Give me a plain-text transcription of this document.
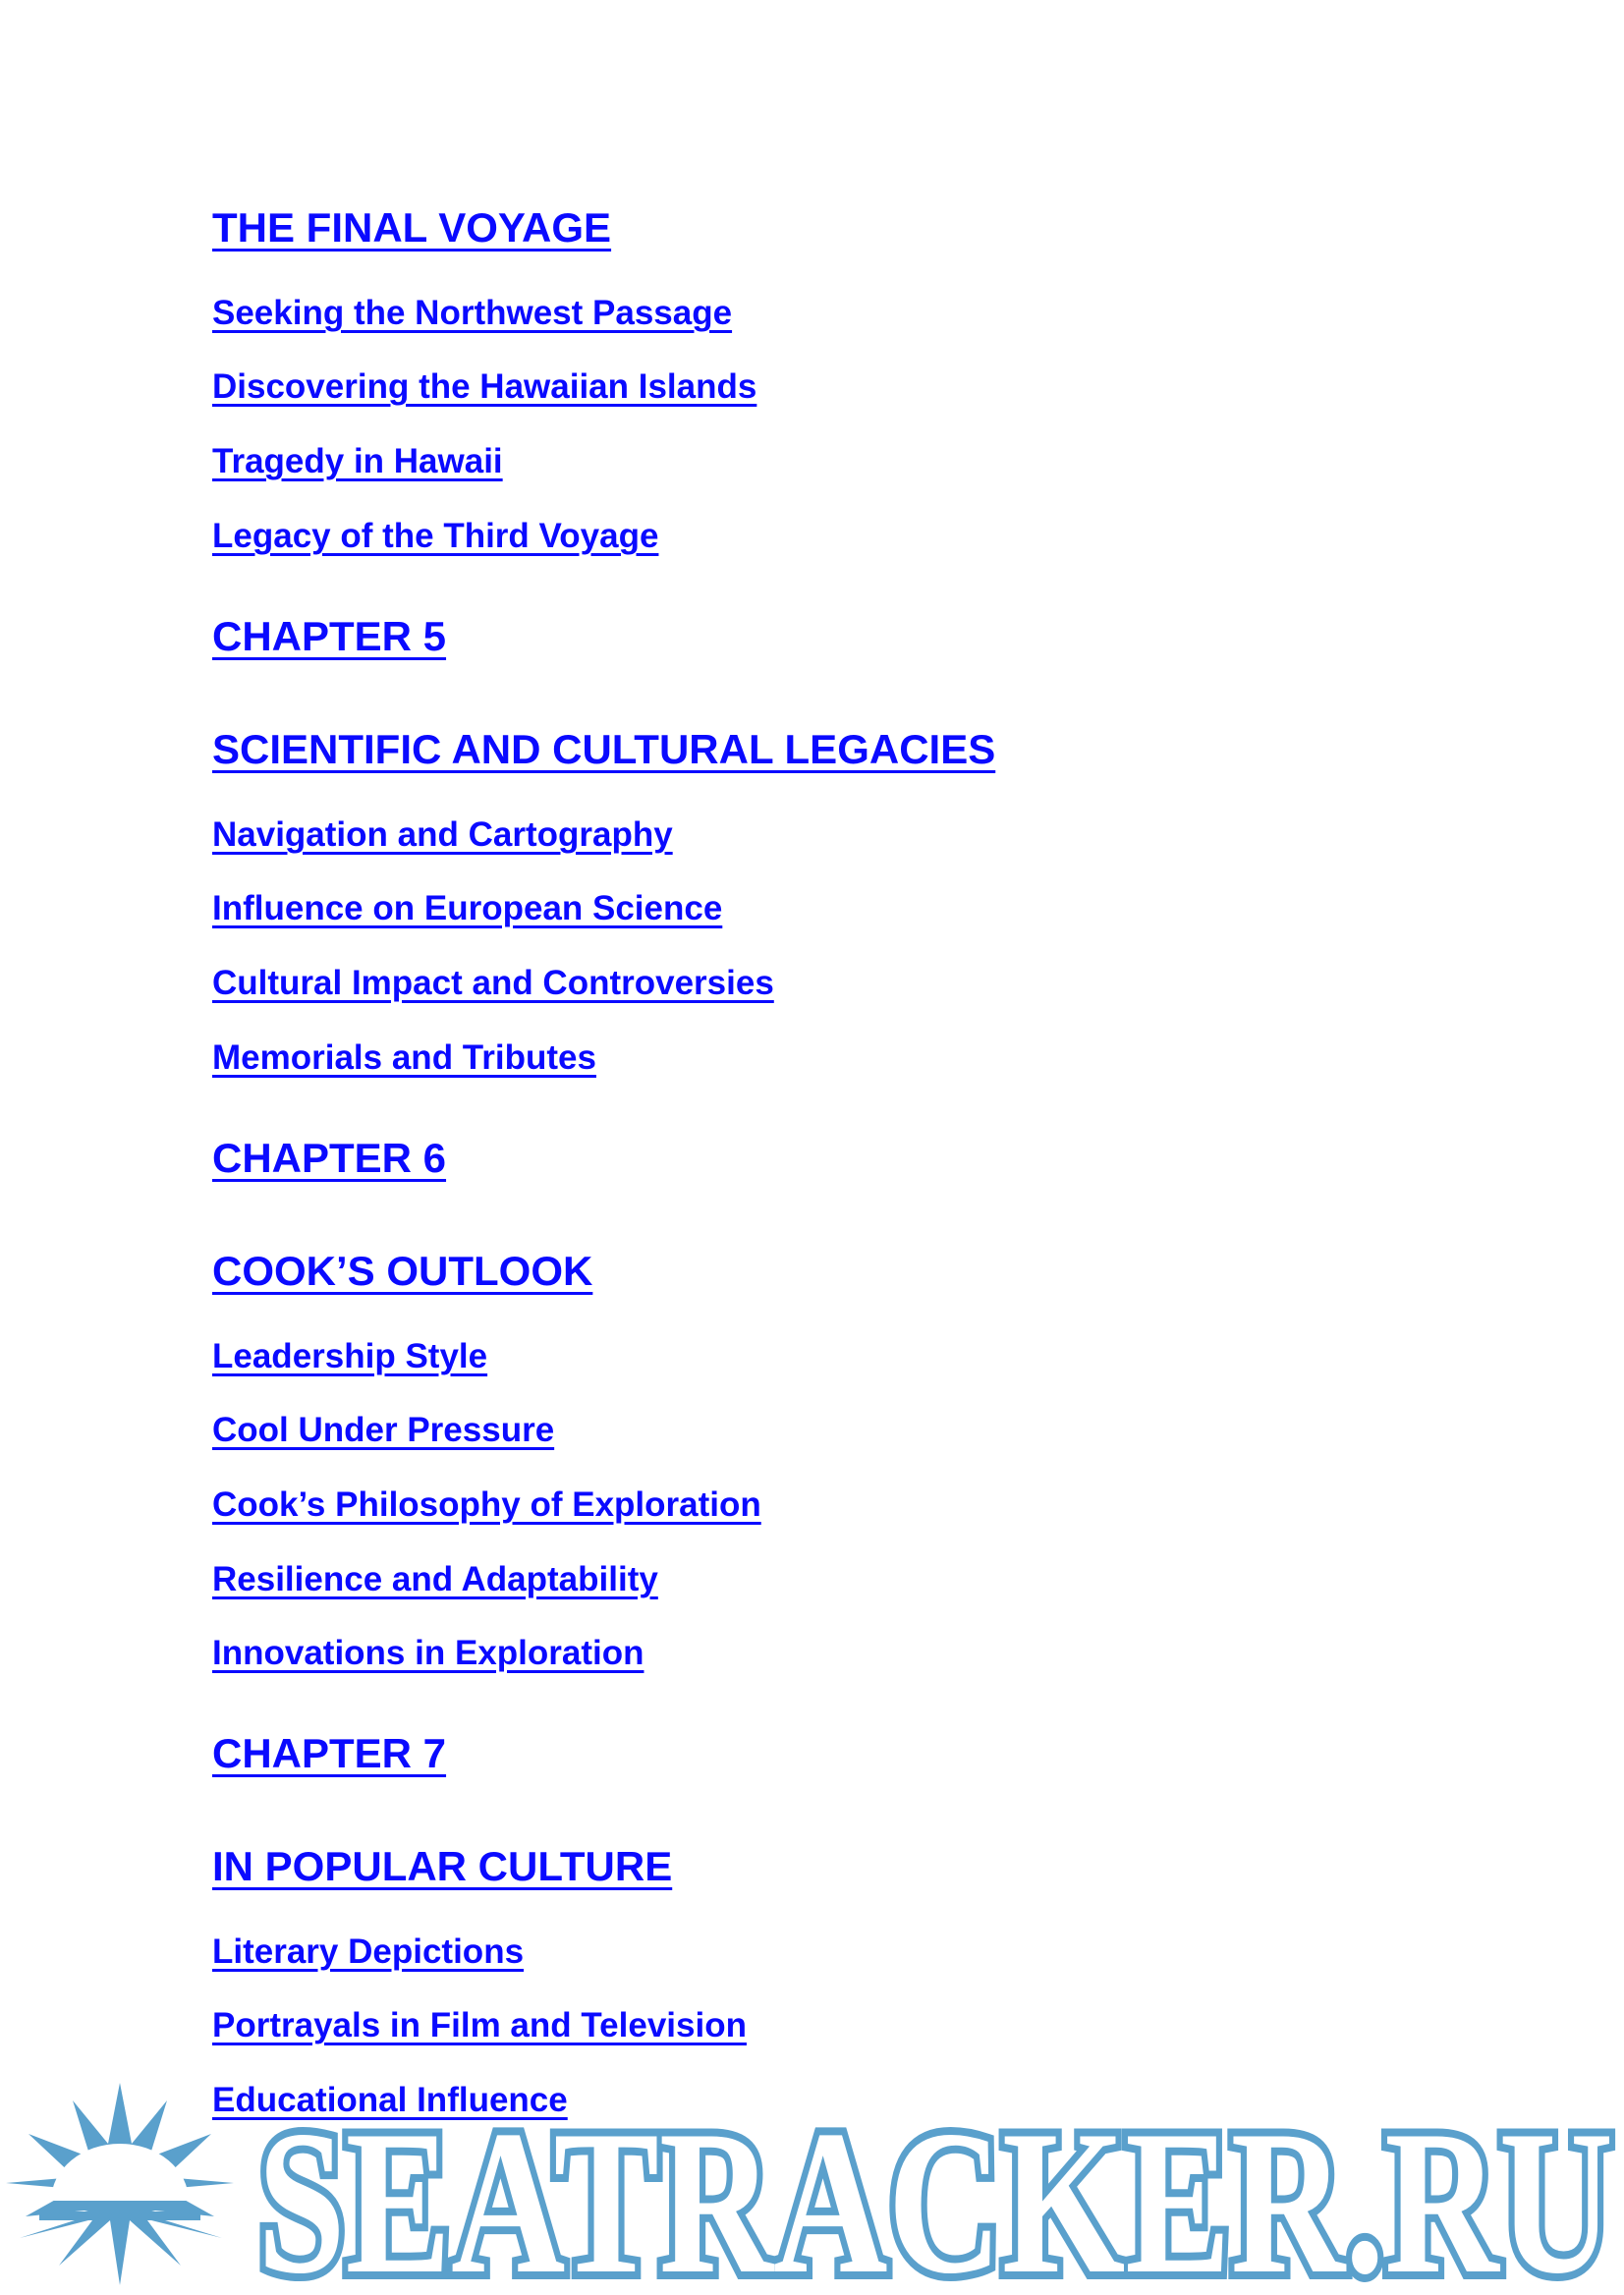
THE FINAL VOYAGE
Seeking the Northwest Passage
Discovering the Hawaiian Islands
Tragedy in Hawaii
Legacy of the Third Voyage
CHAPTER 5
SCIENTIFIC AND CULTURAL LEGACIES
Navigation and Cartography
Influence on European Science
Cultural Impact and Controversies
Memorials and Tributes
CHAPTER 6
COOK’S OUTLOOK
Leadership Style
Cool Under Pressure
Cook’s Philosophy of Exploration
Resilience and Adaptability
Innovations in Exploration
CHAPTER 7
IN POPULAR CULTURE
Literary Depictions
Portrayals in Film and Television
Educational Influence
SEATRACKER.RU
